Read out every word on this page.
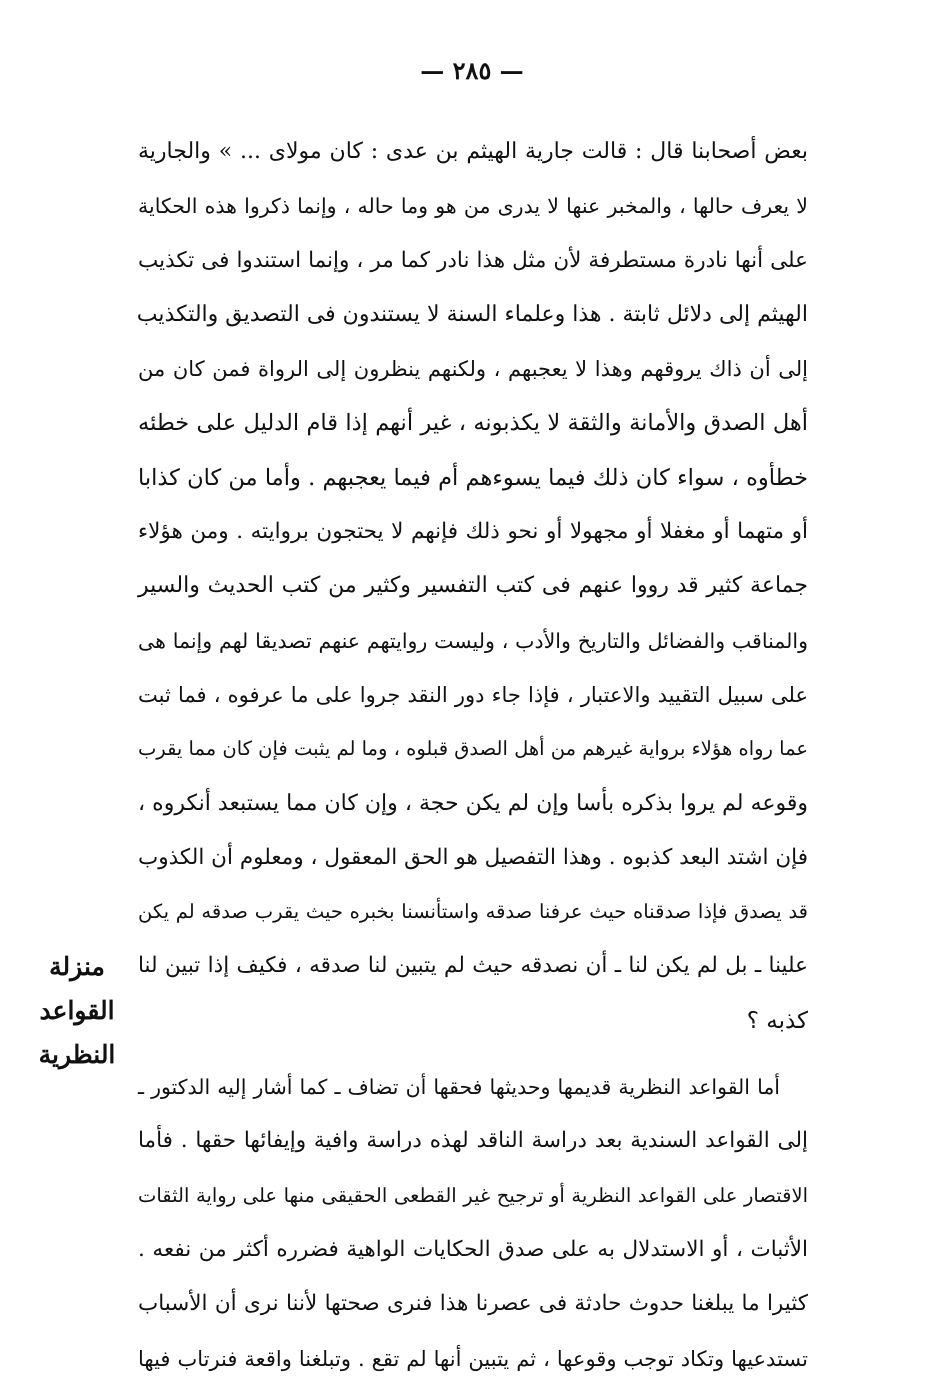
— ٢٨٥ —
بعض أصحابنا قال : قالت جارية الهيثم بن عدى : كان مولاى ... » والجارية
لا يعرف حالها ، والمخبر عنها لا يدرى من هو وما حاله ، وإنما ذكروا هذه الحكاية
على أنها نادرة مستطرفة لأن مثل هذا نادر كما مر ، وإنما استندوا فى تكذيب
الهيثم إلى دلائل ثابتة . هذا وعلماء السنة لا يستندون فى التصديق والتكذيب
إلى أن ذاك يروقهم وهذا لا يعجبهم ، ولكنهم ينظرون إلى الرواة فمن كان من
أهل الصدق والأمانة والثقة لا يكذبونه ، غير أنهم إذا قام الدليل على خطئه
خطأوه ، سواء كان ذلك فيما يسوءهم أم فيما يعجبهم . وأما من كان كذابا
أو متهما أو مغفلا أو مجهولا أو نحو ذلك فإنهم لا يحتجون بروايته . ومن هؤلاء
جماعة كثير قد رووا عنهم فى كتب التفسير وكثير من كتب الحديث والسير
والمناقب والفضائل والتاريخ والأدب ، وليست روايتهم عنهم تصديقا لهم وإنما هى
على سبيل التقييد والاعتبار ، فإذا جاء دور النقد جروا على ما عرفوه ، فما ثبت
عما رواه هؤلاء برواية غيرهم من أهل الصدق قبلوه ، وما لم يثبت فإن كان مما يقرب
وقوعه لم يروا بذكره بأسا وإن لم يكن حجة ، وإن كان مما يستبعد أنكروه ،
فإن اشتد البعد كذبوه . وهذا التفصيل هو الحق المعقول ، ومعلوم أن الكذوب
قد يصدق فإذا صدقناه حيث عرفنا صدقه واستأنسنا بخبره حيث يقرب صدقه لم يكن
علينا ـ بل لم يكن لنا ـ أن نصدقه حيث لم يتبين لنا صدقه ، فكيف إذا تبين لنا
كذبه ؟
أما القواعد النظرية قديمها وحديثها فحقها أن تضاف ـ كما أشار إليه الدكتور ـ
إلى القواعد السندية بعد دراسة الناقد لهذه دراسة وافية وإيفائها حقها . فأما
الاقتصار على القواعد النظرية أو ترجيح غير القطعى الحقيقى منها على رواية الثقات
الأثبات ، أو الاستدلال به على صدق الحكايات الواهية فضرره أكثر من نفعه .
كثيرا ما يبلغنا حدوث حادثة فى عصرنا هذا فنرى صحتها لأننا نرى أن الأسباب
تستدعيها وتكاد توجب وقوعها ، ثم يتبين أنها لم تقع . وتبلغنا واقعة فنرتاب فيها
منزلة
القواعد
النظرية
